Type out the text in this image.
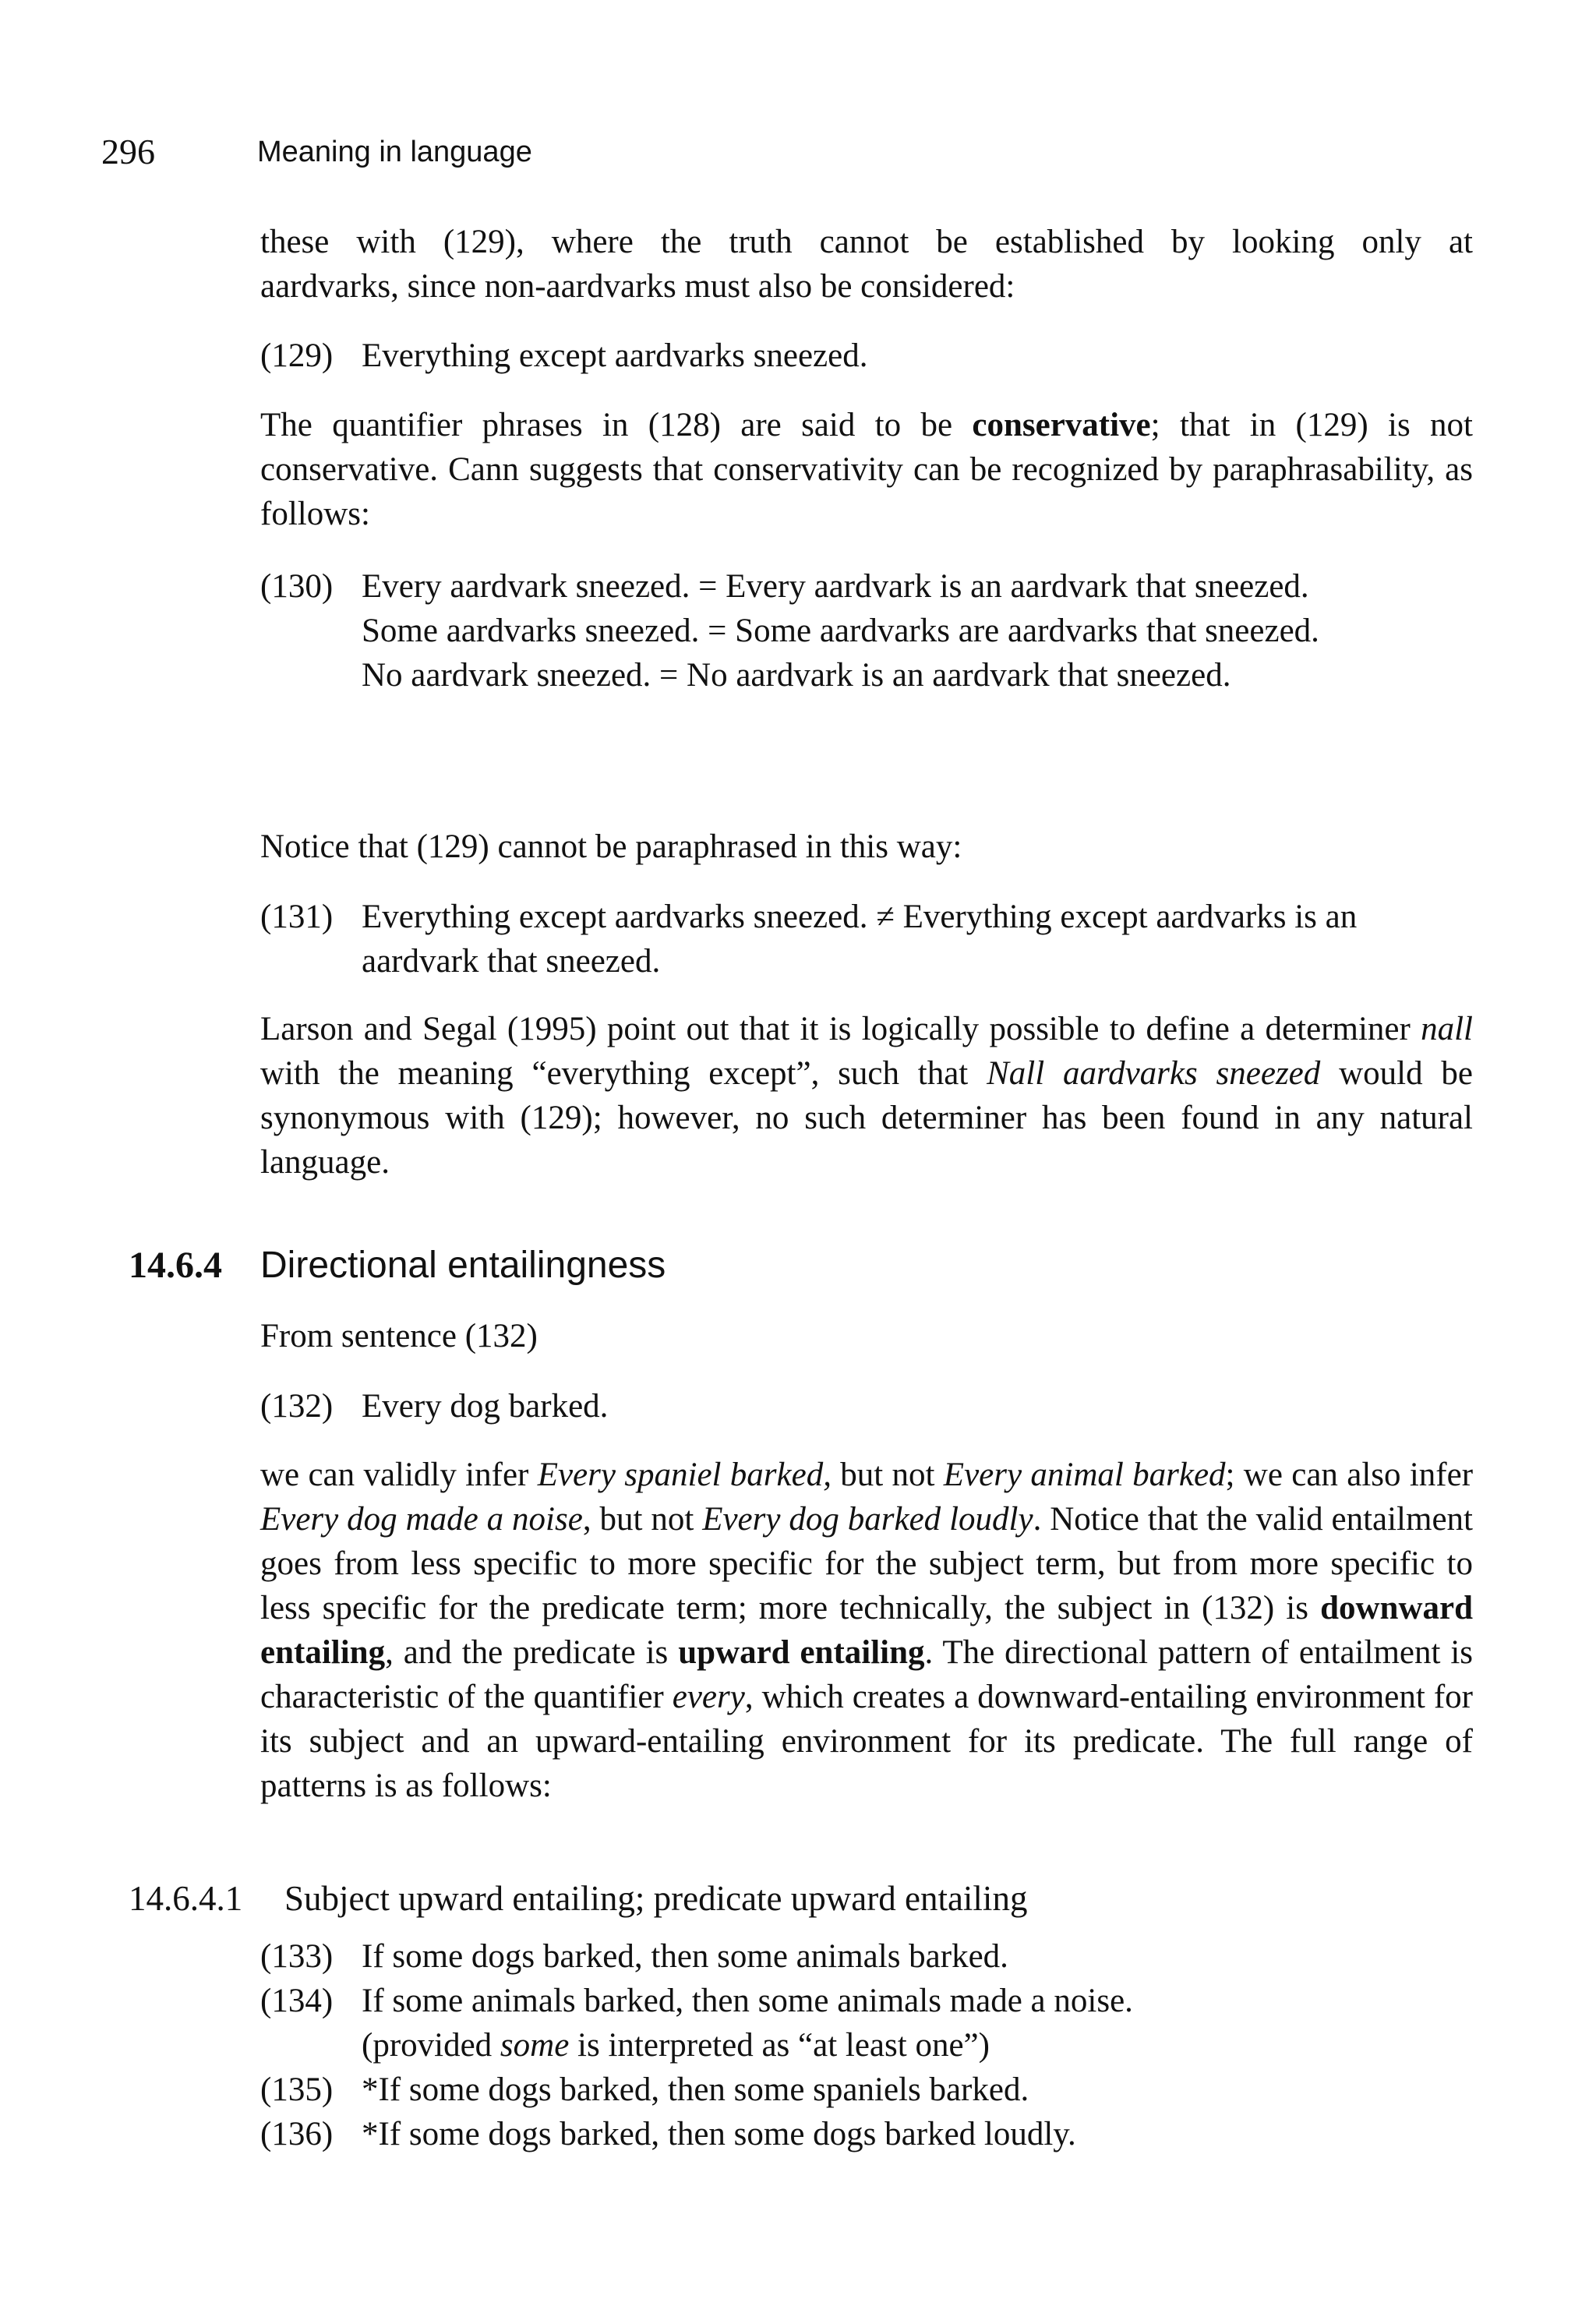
296	Meaning in language

these with (129), where the truth cannot be established by looking only at

aardvarks, since non-aardvarks must also be considered:

(129) Everything except aardvarks sneezed.

The quantifier phrases in (128) are said to be conservative; that in (129) is not conservative. Cann suggests that conservativity can be recognized by paraphrasability, as follows:

(130) Every aardvark sneezed. = Every aardvark is an aardvark that sneezed.
Some aardvarks sneezed. = Some aardvarks are aardvarks that sneezed.
No aardvark sneezed. = No aardvark is an aardvark that sneezed.

Notice that (129) cannot be paraphrased in this way:

(131) Everything except aardvarks sneezed. ≠ Everything except aardvarks is an aardvark that sneezed.

Larson and Segal (1995) point out that it is logically possible to define a determiner nall with the meaning “everything except”, such that Nall aardvarks sneezed would be synonymous with (129); however, no such determiner has been found in any natural language.

14.6.4 Directional entailingness

From sentence (132)

(132) Every dog barked.

we can validly infer Every spaniel barked, but not Every animal barked; we can also infer Every dog made a noise, but not Every dog barked loudly. Notice that the valid entailment goes from less specific to more specific for the subject term, but from more specific to less specific for the predicate term; more technically, the subject in (132) is downward entailing, and the predicate is upward entailing. The directional pattern of entailment is characteristic of the quantifier every, which creates a downward-entailing environment for its subject and an upward-entailing environment for its predicate. The full range of patterns is as follows:

14.6.4.1 Subject upward entailing; predicate upward entailing
(133) If some dogs barked, then some animals barked.
(134) If some animals barked, then some animals made a noise.
(provided some is interpreted as “at least one”)
(135) *If some dogs barked, then some spaniels barked.
(136) *If some dogs barked, then some dogs barked loudly.
